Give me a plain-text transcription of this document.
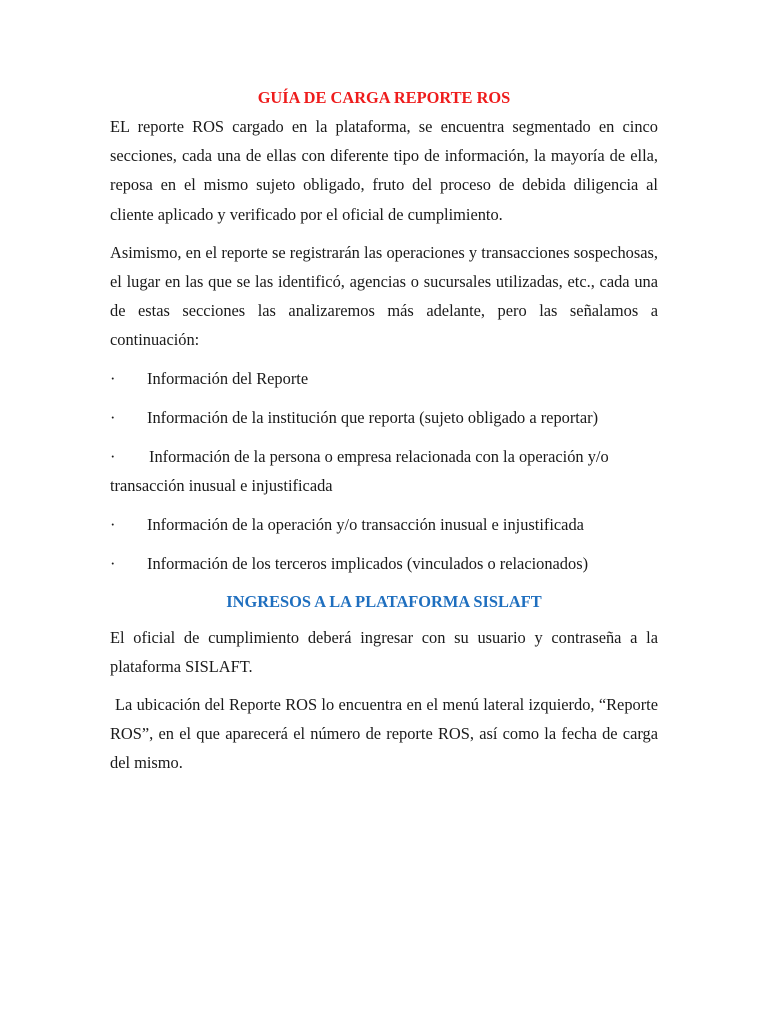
GUÍA DE CARGA REPORTE ROS

EL reporte ROS cargado en la plataforma, se encuentra segmentado en cinco secciones, cada una de ellas con diferente tipo de información, la mayoría de ella, reposa en el mismo sujeto obligado, fruto del proceso de debida diligencia al cliente aplicado y verificado por el oficial de cumplimiento.

Asimismo, en el reporte se registrarán las operaciones y transacciones sospechosas, el lugar en las que se las identificó, agencias o sucursales utilizadas, etc., cada una de estas secciones las analizaremos más adelante, pero las señalamos a continuación:

· Información del Reporte
· Información de la institución que reporta (sujeto obligado a reportar)
· Información de la persona o empresa relacionada con la operación y/o transacción inusual e injustificada
· Información de la operación y/o transacción inusual e injustificada
· Información de los terceros implicados (vinculados o relacionados)
INGRESOS A LA PLATAFORMA SISLAFT

El oficial de cumplimiento deberá ingresar con su usuario y contraseña a la plataforma SISLAFT.

La ubicación del Reporte ROS lo encuentra en el menú lateral izquierdo, “Reporte ROS”, en el que aparecerá el número de reporte ROS, así como la fecha de carga del mismo.
